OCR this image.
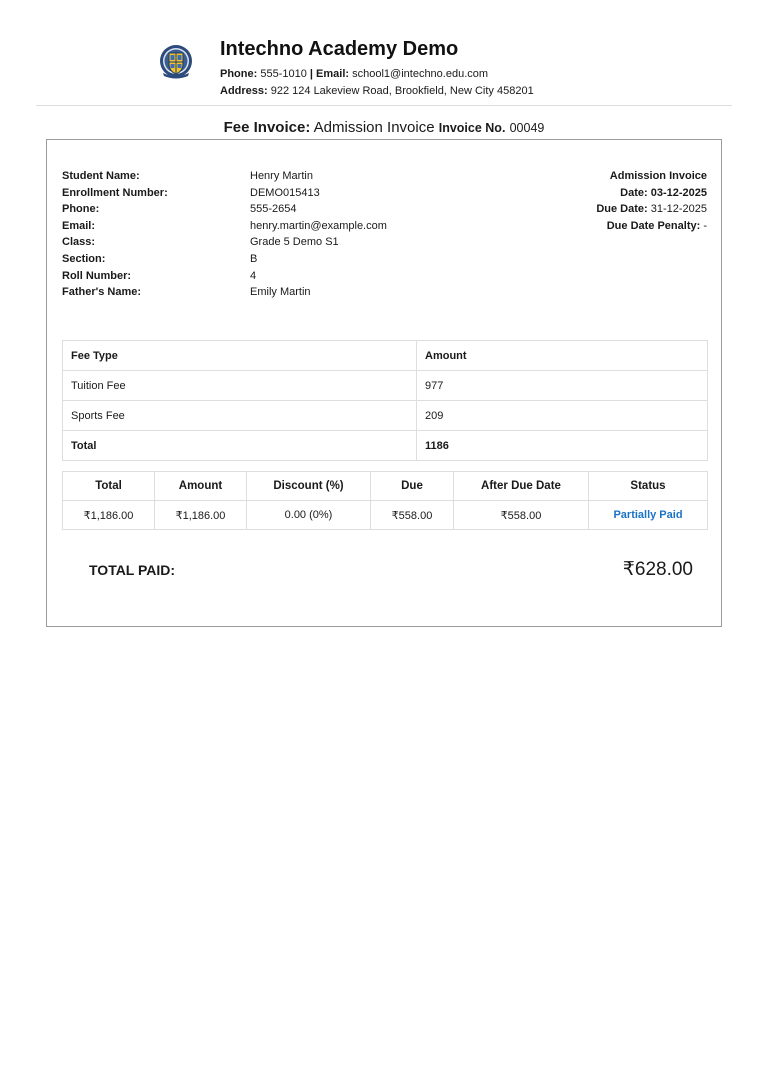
Intechno Academy Demo
Phone: 555-1010 | Email: school1@intechno.edu.com
Address: 922 124 Lakeview Road, Brookfield, New City 458201
Fee Invoice: Admission Invoice Invoice No. 00049
Student Name:	Henry Martin
Enrollment Number:	DEMO015413
Phone:	555-2654
Email:	henry.martin@example.com
Class:	Grade 5 Demo S1
Section:	B
Roll Number:	4
Father's Name:	Emily Martin
Admission Invoice
Date: 03-12-2025
Due Date: 31-12-2025
Due Date Penalty: -
Fee Type	Amount
Tuition Fee	977
Sports Fee	209
Total	1186
Total	Amount	Discount (%)	Due	After Due Date	Status
₹1,186.00	₹1,186.00	0.00 (0%)	₹558.00	₹558.00	Partially Paid
TOTAL PAID:	₹628.00
